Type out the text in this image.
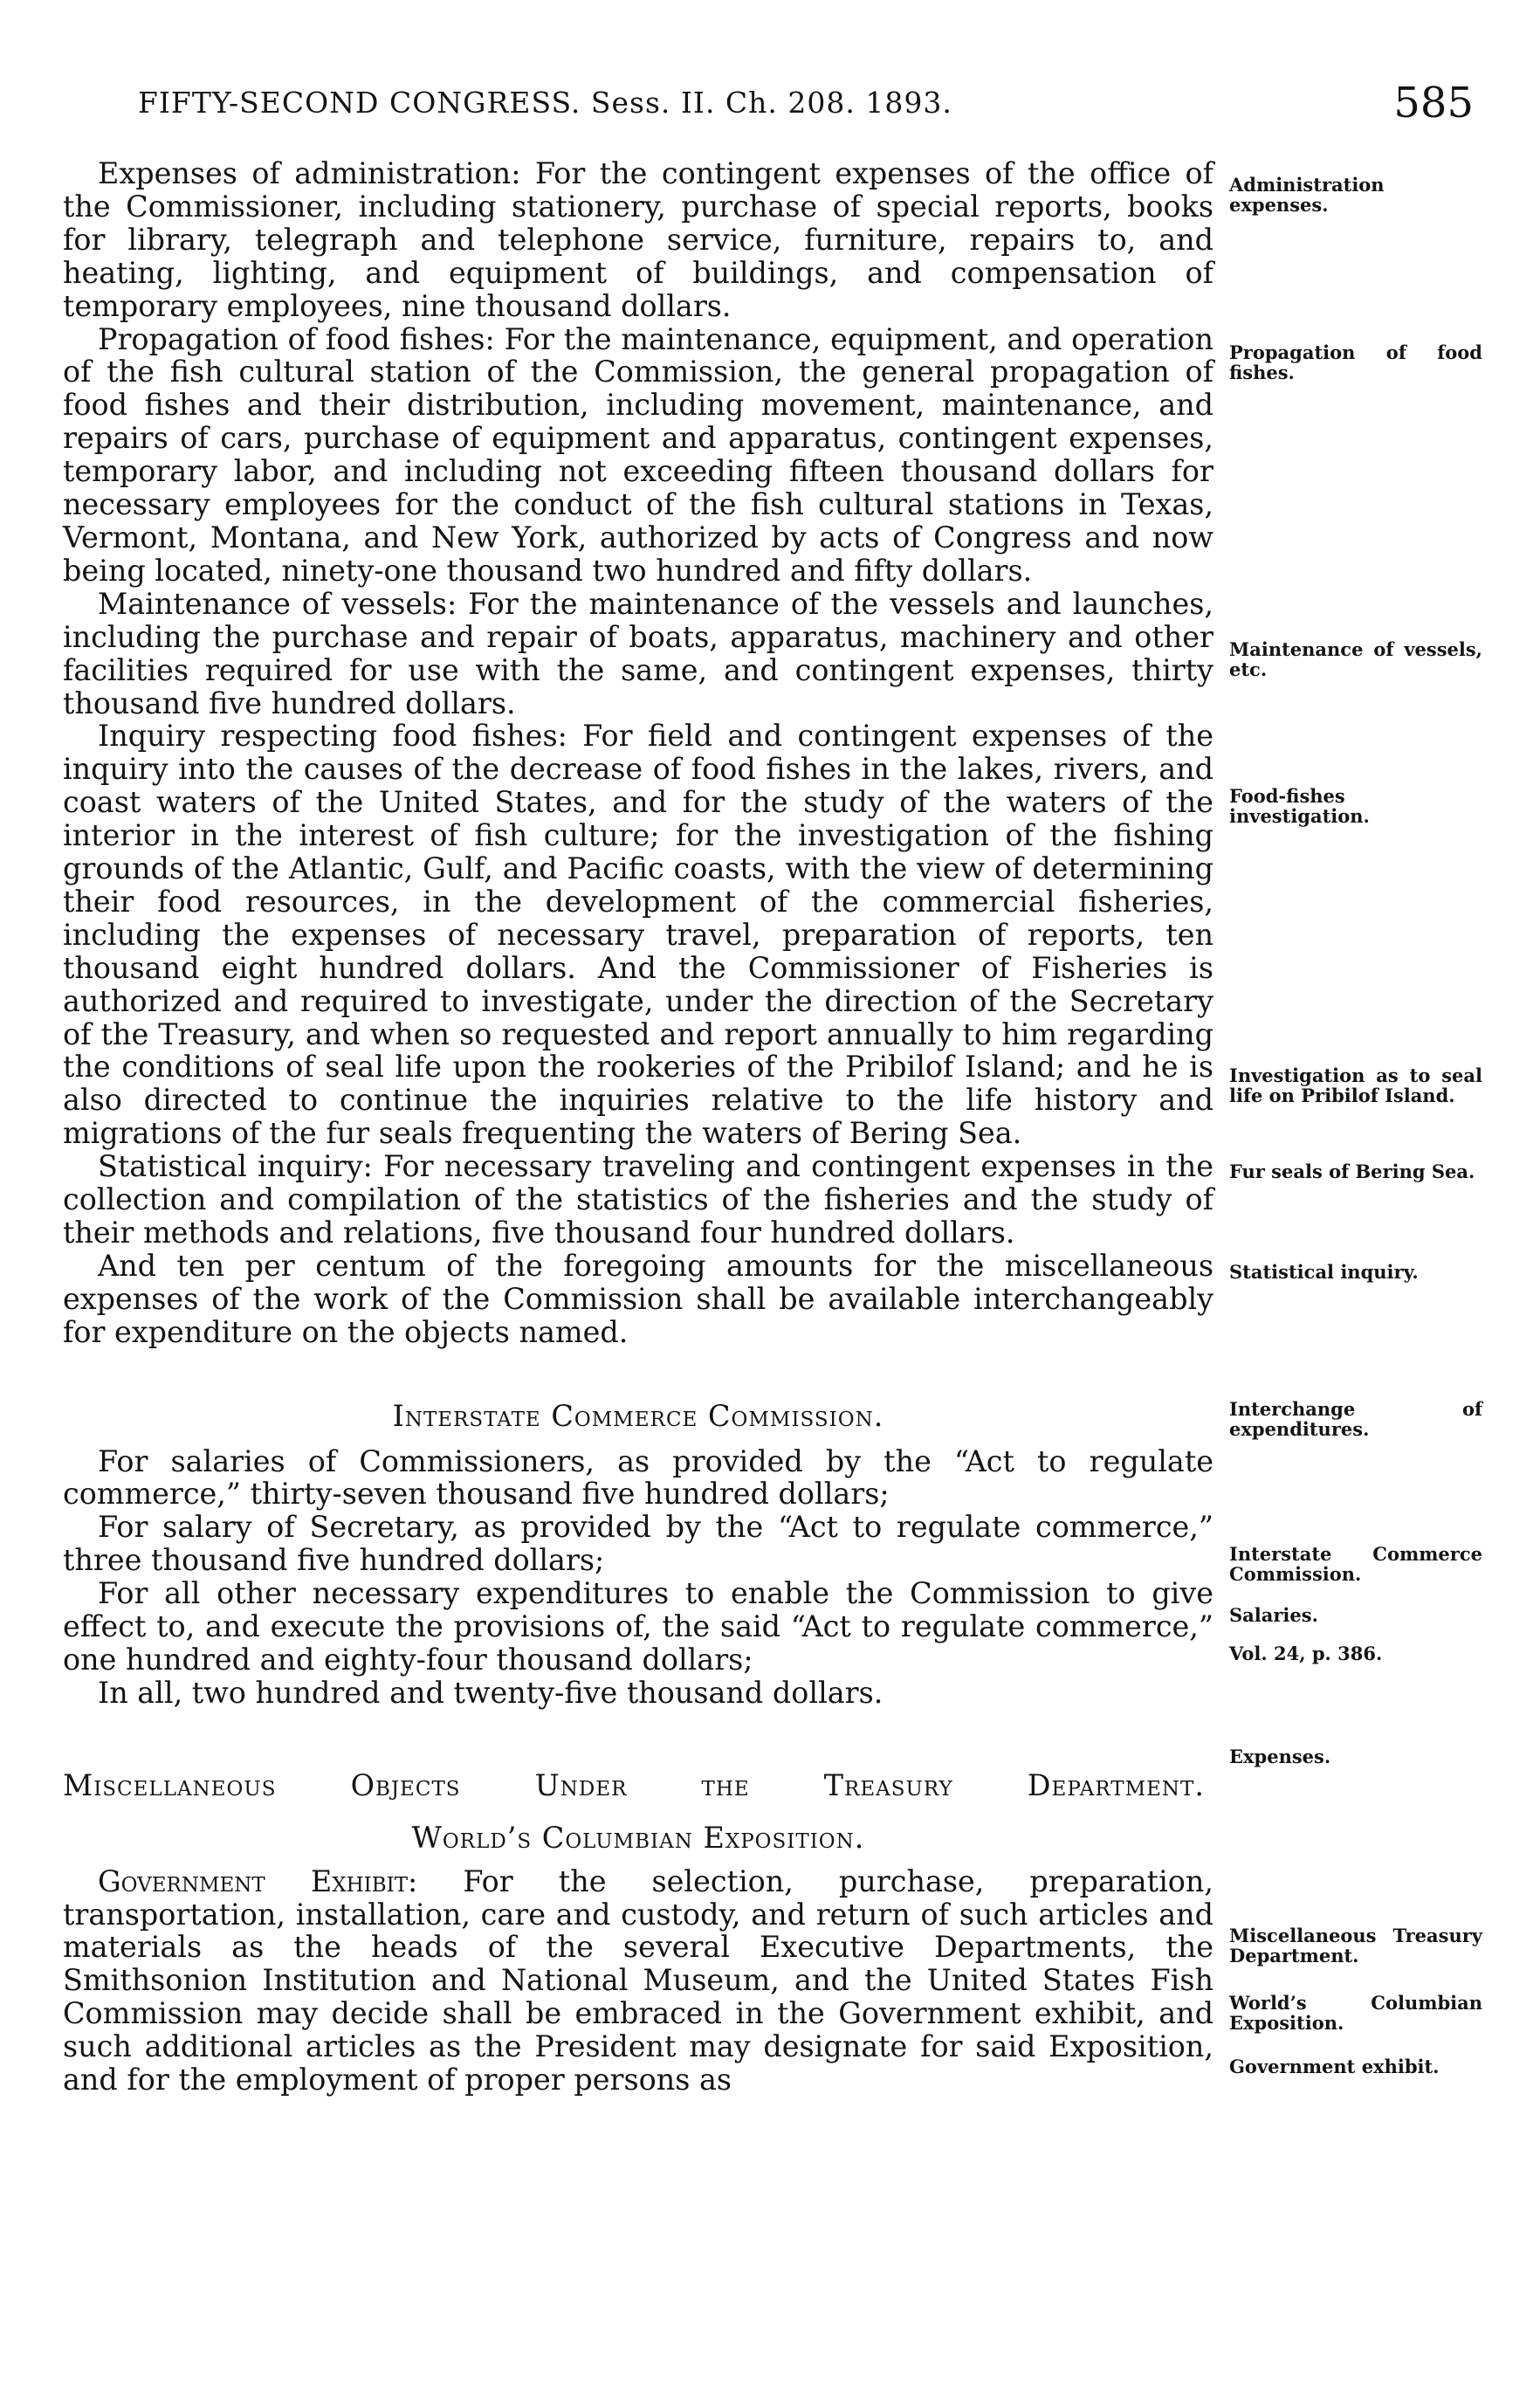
FIFTY-SECOND CONGRESS. Sess. II. Ch. 208. 1893.	585

Expenses of administration: For the contingent expenses of the office of the Commissioner, including stationery, purchase of special reports, books for library, telegraph and telephone service, furniture, repairs to, and heating, lighting, and equipment of buildings, and compensation of temporary employees, nine thousand dollars.

Propagation of food fishes: For the maintenance, equipment, and operation of the fish cultural station of the Commission, the general propagation of food fishes and their distribution, including movement, maintenance, and repairs of cars, purchase of equipment and apparatus, contingent expenses, temporary labor, and including not exceeding fifteen thousand dollars for necessary employees for the conduct of the fish cultural stations in Texas, Vermont, Montana, and New York, authorized by acts of Congress and now being located, ninety-one thousand two hundred and fifty dollars.

Maintenance of vessels: For the maintenance of the vessels and launches, including the purchase and repair of boats, apparatus, machinery and other facilities required for use with the same, and contingent expenses, thirty thousand five hundred dollars.

Inquiry respecting food fishes: For field and contingent expenses of the inquiry into the causes of the decrease of food fishes in the lakes, rivers, and coast waters of the United States, and for the study of the waters of the interior in the interest of fish culture; for the investigation of the fishing grounds of the Atlantic, Gulf, and Pacific coasts, with the view of determining their food resources, in the development of the commercial fisheries, including the expenses of necessary travel, preparation of reports, ten thousand eight hundred dollars. And the Commissioner of Fisheries is authorized and required to investigate, under the direction of the Secretary of the Treasury, and when so requested and report annually to him regarding the conditions of seal life upon the rookeries of the Pribilof Island; and he is also directed to continue the inquiries relative to the life history and migrations of the fur seals frequenting the waters of Bering Sea.

Statistical inquiry: For necessary traveling and contingent expenses in the collection and compilation of the statistics of the fisheries and the study of their methods and relations, five thousand four hundred dollars.

And ten per centum of the foregoing amounts for the miscellaneous expenses of the work of the Commission shall be available interchangeably for expenditure on the objects named.

Interstate Commerce Commission.

For salaries of Commissioners, as provided by the “Act to regulate commerce,” thirty-seven thousand five hundred dollars;

For salary of Secretary, as provided by the “Act to regulate commerce,” three thousand five hundred dollars;

For all other necessary expenditures to enable the Commission to give effect to, and execute the provisions of, the said “Act to regulate commerce,” one hundred and eighty-four thousand dollars;

In all, two hundred and twenty-five thousand dollars.

Miscellaneous Objects Under the Treasury Department.

World’s Columbian Exposition.

Government Exhibit: For the selection, purchase, preparation, transportation, installation, care and custody, and return of such articles and materials as the heads of the several Executive Departments, the Smithsonion Institution and National Museum, and the United States Fish Commission may decide shall be embraced in the Government exhibit, and such additional articles as the President may designate for said Exposition, and for the employment of proper persons as

Administration expenses.
Propagation of food fishes.
Maintenance of vessels, etc.
Food-fishes investigation.
Investigation as to seal life on Pribilof Island.
Fur seals of Bering Sea.
Statistical inquiry.
Interchange of expenditures.
Interstate Commerce Commission.
Salaries.
Vol. 24, p. 386.
Expenses.
Miscellaneous Treasury Department.
World’s Columbian Exposition.
Government exhibit.
